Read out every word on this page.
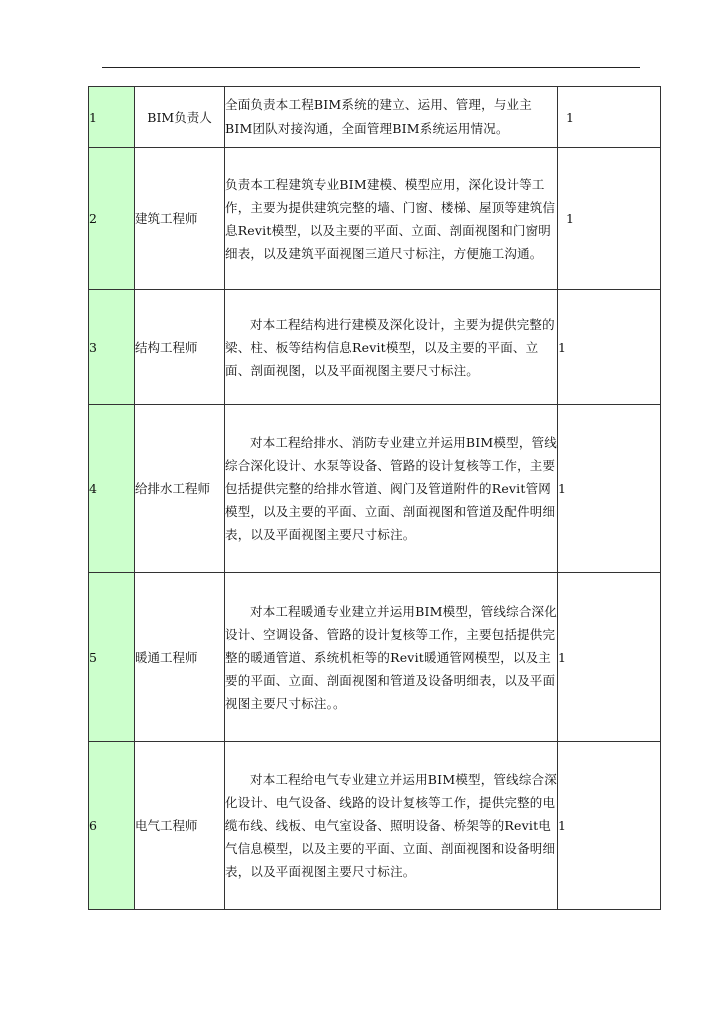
1	BIM负责人	全面负责本工程BIM系统的建立、运用、管理，与业主BIM团队对接沟通，全面管理BIM系统运用情况。	1
2	建筑工程师	负责本工程建筑专业BIM建模、模型应用，深化设计等工作，主要为提供建筑完整的墙、门窗、楼梯、屋顶等建筑信息Revit模型，以及主要的平面、立面、剖面视图和门窗明细表，以及建筑平面视图三道尺寸标注，方便施工沟通。	1
3	结构工程师	对本工程结构进行建模及深化设计，主要为提供完整的梁、柱、板等结构信息Revit模型，以及主要的平面、立面、剖面视图，以及平面视图主要尺寸标注。	1
4	给排水工程师	对本工程给排水、消防专业建立并运用BIM模型，管线综合深化设计、水泵等设备、管路的设计复核等工作，主要包括提供完整的给排水管道、阀门及管道附件的Revit管网模型，以及主要的平面、立面、剖面视图和管道及配件明细表，以及平面视图主要尺寸标注。	1
5	暖通工程师	对本工程暖通专业建立并运用BIM模型，管线综合深化设计、空调设备、管路的设计复核等工作，主要包括提供完整的暖通管道、系统机柜等的Revit暖通管网模型，以及主要的平面、立面、剖面视图和管道及设备明细表，以及平面视图主要尺寸标注。。	1
6	电气工程师	对本工程给电气专业建立并运用BIM模型，管线综合深化设计、电气设备、线路的设计复核等工作，提供完整的电缆布线、线板、电气室设备、照明设备、桥架等的Revit电气信息模型，以及主要的平面、立面、剖面视图和设备明细表，以及平面视图主要尺寸标注。	1
